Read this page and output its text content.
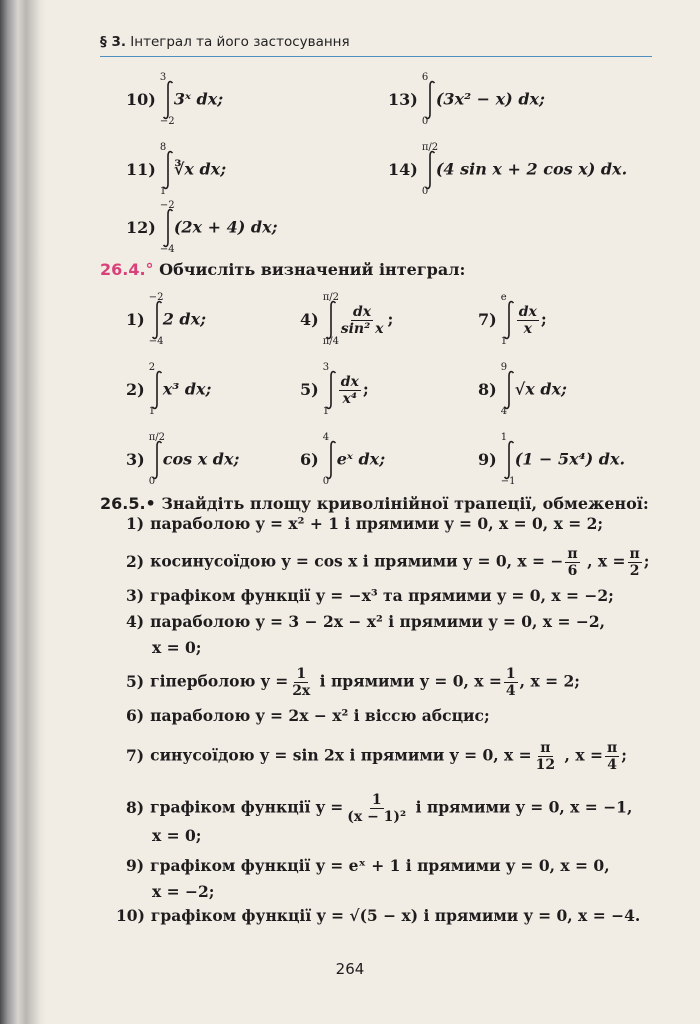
§ 3. Інтеграл та його застосування
10)
3
−2
3ˣ dx;
11)
8
1
∛x dx;
12)
−2
−4
(2x + 4) dx;
13)
6
0
(3x² − x) dx;
14)
π/2
0
(4 sin x + 2 cos x) dx.
26.4.° Обчисліть визначений інтеграл:
1)
−2
−4
2 dx;
2)
2
1
x³ dx;
3)
π/2
0
cos x dx;
4)
π/2
π/4
$\frac{dx}{\text{sin² x}}$ ;
5)
3
1
$\frac{dx}{\text{x⁴}}$ ;
6)
4
0
eˣ dx;
7)
e
1
$\frac{dx}{x}$ ;
8)
9
4
√x dx;
9)
1
−1
(1 − 5x⁴) dx.
26.5.• Знайдіть площу криволінійної трапеції, обмеженої:
1) параболою y = x² + 1 і прямими y = 0, x = 0, x = 2;
2) косинусоїдою y = cos x і прямими y = 0, x = − $\frac{\pi}{6}$ , $x = \frac{\pi}{2}$ ;
3) графіком функції y = −x³ та прямими y = 0, x = −2;
4) параболою y = 3 − 2x − x² і прямими y = 0, x = −2,
x = 0;
5) гіперболою $y = \frac{1}{2x}$ і прямими y = 0, $x = \frac{1}{4}$ , x = 2;
6) параболою y = 2x − x² і віссю абсцис;
7) синусоїдою y = sin 2x і прямими y = 0, $x = \frac{\pi}{12}$ , $x = \frac{\pi}{4}$ ;
8) графіком функції $y = \frac{1}{\text{(x − 1)²}}$ і прямими y = 0, x = −1,
x = 0;
9) графіком функції y = eˣ + 1 і прямими y = 0, x = 0,
x = −2;
10) графіком функції y = √(5 − x) і прямими y = 0, x = −4.
264
